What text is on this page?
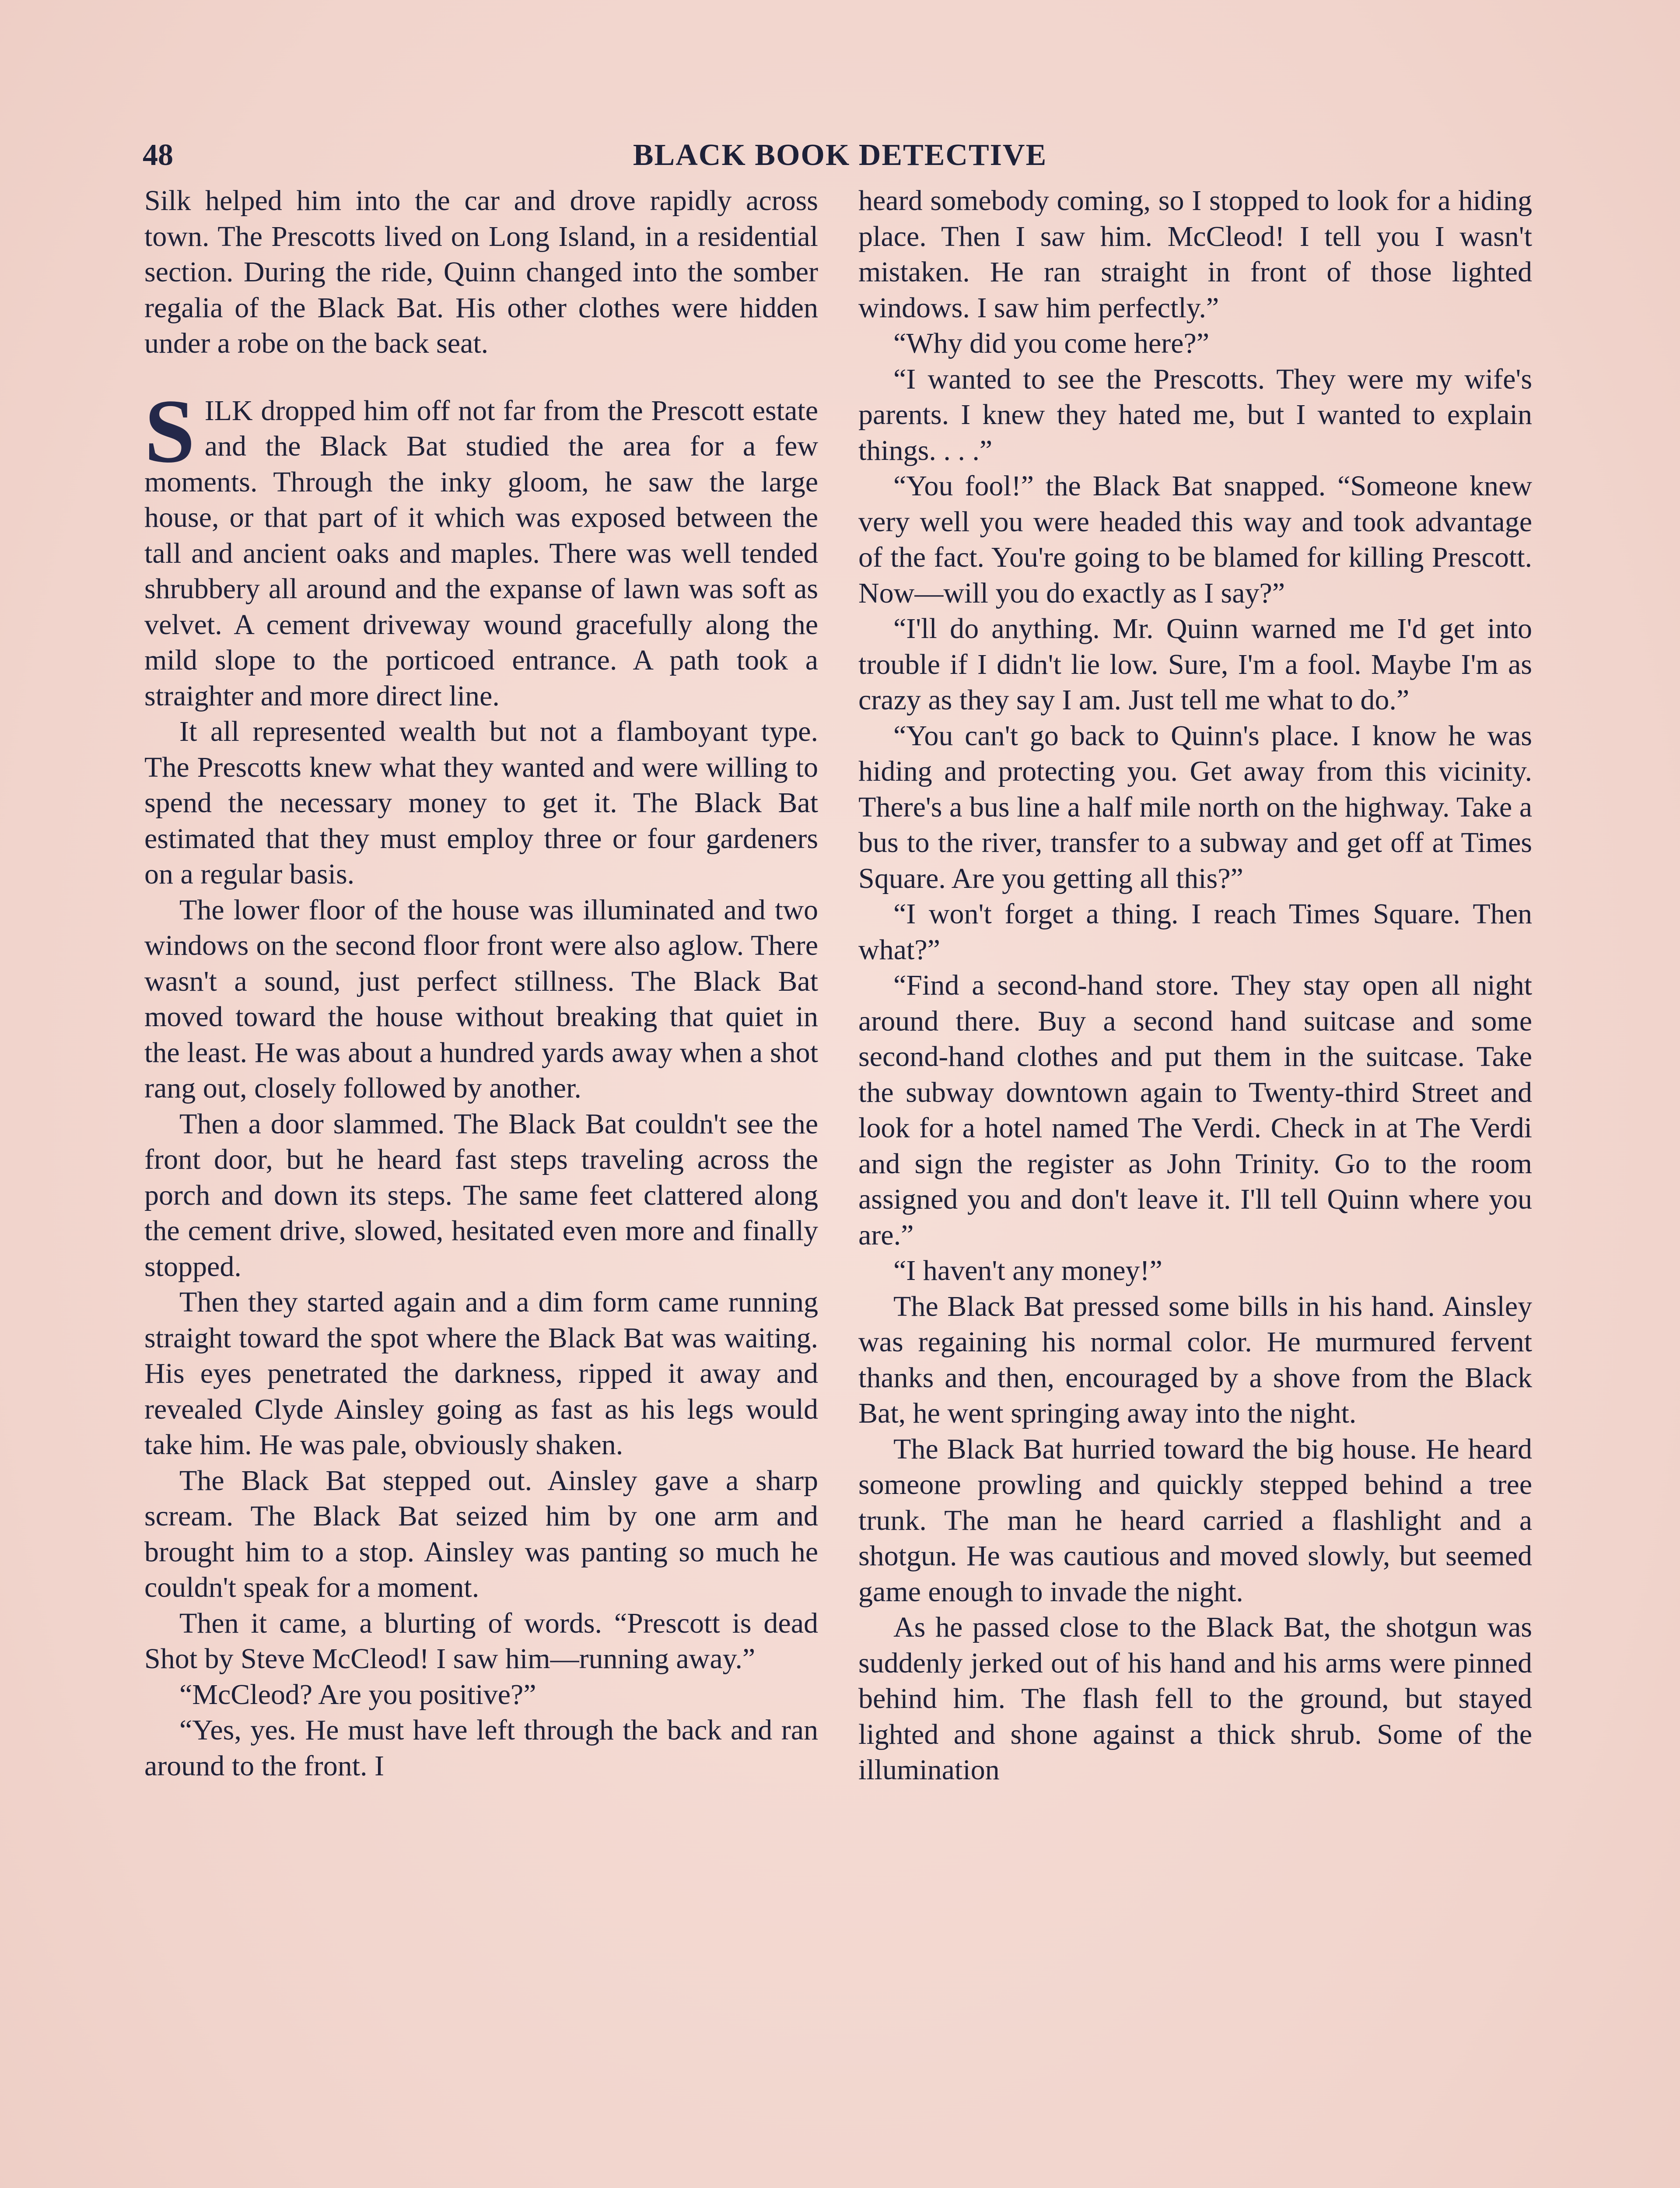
48	BLACK BOOK DETECTIVE

Silk helped him into the car and drove rapidly across town. The Prescotts lived on Long Island, in a residential section. During the ride, Quinn changed into the somber regalia of the Black Bat. His other clothes were hidden under a robe on the back seat.

SILK dropped him off not far from the Prescott estate and the Black Bat studied the area for a few moments. Through the inky gloom, he saw the large house, or that part of it which was exposed between the tall and ancient oaks and maples. There was well tended shrubbery all around and the expanse of lawn was soft as velvet. A cement driveway wound gracefully along the mild slope to the porticoed entrance. A path took a straighter and more direct line.

It all represented wealth but not a flamboyant type. The Prescotts knew what they wanted and were willing to spend the necessary money to get it. The Black Bat estimated that they must employ three or four gardeners on a regular basis.

The lower floor of the house was illuminated and two windows on the second floor front were also aglow. There wasn't a sound, just perfect stillness. The Black Bat moved toward the house without breaking that quiet in the least. He was about a hundred yards away when a shot rang out, closely followed by another.

Then a door slammed. The Black Bat couldn't see the front door, but he heard fast steps traveling across the porch and down its steps. The same feet clattered along the cement drive, slowed, hesitated even more and finally stopped.

Then they started again and a dim form came running straight toward the spot where the Black Bat was waiting. His eyes penetrated the darkness, ripped it away and revealed Clyde Ainsley going as fast as his legs would take him. He was pale, obviously shaken.

The Black Bat stepped out. Ainsley gave a sharp scream. The Black Bat seized him by one arm and brought him to a stop. Ainsley was panting so much he couldn't speak for a moment.

Then it came, a blurting of words. “Prescott is dead Shot by Steve McCleod! I saw him—running away.”

“McCleod? Are you positive?”

“Yes, yes. He must have left through the back and ran around to the front. I

heard somebody coming, so I stopped to look for a hiding place. Then I saw him. McCleod! I tell you I wasn't mistaken. He ran straight in front of those lighted windows. I saw him perfectly.”

“Why did you come here?”

“I wanted to see the Prescotts. They were my wife's parents. I knew they hated me, but I wanted to explain things. . . .”

“You fool!” the Black Bat snapped. “Someone knew very well you were headed this way and took advantage of the fact. You're going to be blamed for killing Prescott. Now—will you do exactly as I say?”

“I'll do anything. Mr. Quinn warned me I'd get into trouble if I didn't lie low. Sure, I'm a fool. Maybe I'm as crazy as they say I am. Just tell me what to do.”

“You can't go back to Quinn's place. I know he was hiding and protecting you. Get away from this vicinity. There's a bus line a half mile north on the highway. Take a bus to the river, transfer to a subway and get off at Times Square. Are you getting all this?”

“I won't forget a thing. I reach Times Square. Then what?”

“Find a second-hand store. They stay open all night around there. Buy a second hand suitcase and some second-hand clothes and put them in the suitcase. Take the subway downtown again to Twenty-third Street and look for a hotel named The Verdi. Check in at The Verdi and sign the register as John Trinity. Go to the room assigned you and don't leave it. I'll tell Quinn where you are.”

“I haven't any money!”

The Black Bat pressed some bills in his hand. Ainsley was regaining his normal color. He murmured fervent thanks and then, encouraged by a shove from the Black Bat, he went springing away into the night.

The Black Bat hurried toward the big house. He heard someone prowling and quickly stepped behind a tree trunk. The man he heard carried a flashlight and a shotgun. He was cautious and moved slowly, but seemed game enough to invade the night.

As he passed close to the Black Bat, the shotgun was suddenly jerked out of his hand and his arms were pinned behind him. The flash fell to the ground, but stayed lighted and shone against a thick shrub. Some of the illumination
